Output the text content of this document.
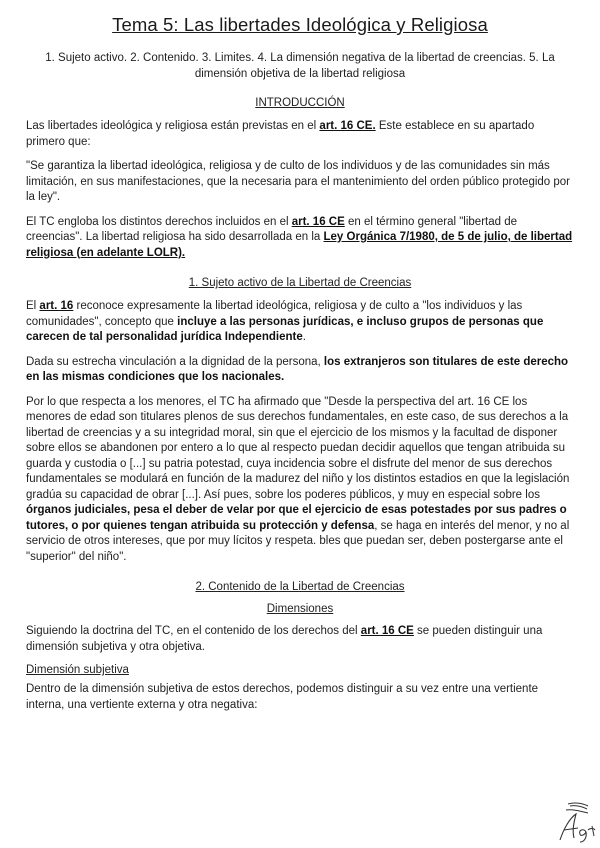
Tema 5: Las libertades Ideológica y Religiosa
1. Sujeto activo. 2. Contenido. 3. Limites. 4. La dimensión negativa de la libertad de creencias. 5. La dimensión objetiva de la libertad religiosa
INTRODUCCIÓN

Las libertades ideológica y religiosa están previstas en el art. 16 CE. Este establece en su apartado primero que:

"Se garantiza la libertad ideológica, religiosa y de culto de los individuos y de las comunidades sin más limitación, en sus manifestaciones, que la necesaria para el mantenimiento del orden público protegido por la ley".

El TC engloba los distintos derechos incluidos en el art. 16 CE en el término general "libertad de creencias". La libertad religiosa ha sido desarrollada en la Ley Orgánica 7/1980, de 5 de julio, de libertad religiosa (en adelante LOLR).

1. Sujeto activo de la Libertad de Creencias

El art. 16 reconoce expresamente la libertad ideológica, religiosa y de culto a "los individuos y las comunidades", concepto que incluye a las personas jurídicas, e incluso grupos de personas que carecen de tal personalidad jurídica Independiente.

Dada su estrecha vinculación a la dignidad de la persona, los extranjeros son titulares de este derecho en las mismas condiciones que los nacionales.

Por lo que respecta a los menores, el TC ha afirmado que "Desde la perspectiva del art. 16 CE los menores de edad son titulares plenos de sus derechos fundamentales, en este caso, de sus derechos a la libertad de creencias y a su integridad moral, sin que el ejercicio de los mismos y la facultad de disponer sobre ellos se abandonen por entero a lo que al respecto puedan decidir aquellos que tengan atribuida su guarda y custodia o [...] su patria potestad, cuya incidencia sobre el disfrute del menor de sus derechos fundamentales se modulará en función de la madurez del niño y los distintos estadios en que la legislación gradúa su capacidad de obrar [...]. Así pues, sobre los poderes públicos, y muy en especial sobre los órganos judiciales, pesa el deber de velar por que el ejercicio de esas potestades por sus padres o tutores, o por quienes tengan atribuida su protección y defensa, se haga en interés del menor, y no al servicio de otros intereses, que por muy lícitos y respeta. bles que puedan ser, deben postergarse ante el "superior" del niño".

2. Contenido de la Libertad de Creencias
Dimensiones

Siguiendo la doctrina del TC, en el contenido de los derechos del art. 16 CE se pueden distinguir una dimensión subjetiva y otra objetiva.

Dimensión subjetiva

Dentro de la dimensión subjetiva de estos derechos, podemos distinguir a su vez entre una vertiente interna, una vertiente externa y otra negativa:
